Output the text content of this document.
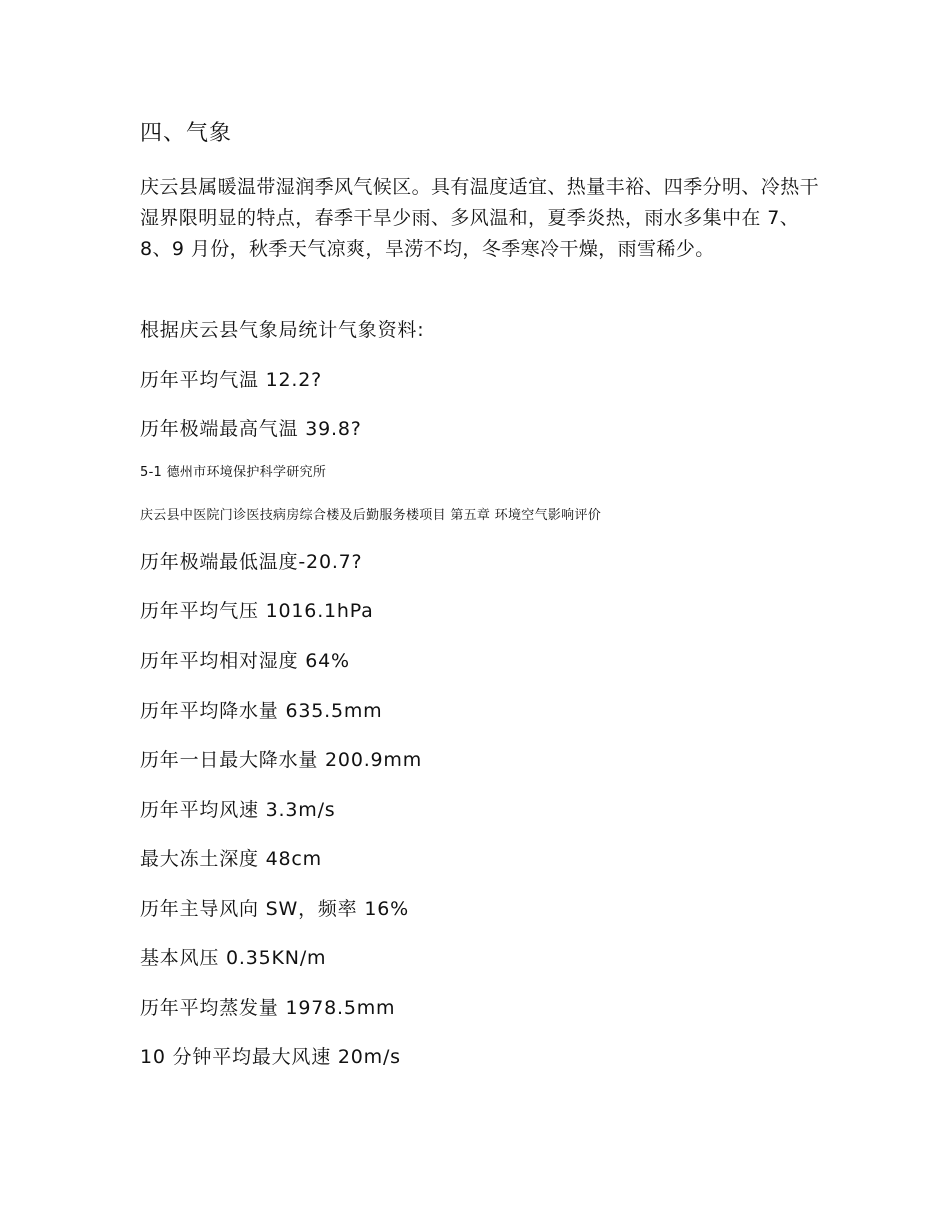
四、气象
庆云县属暖温带湿润季风气候区。具有温度适宜、热量丰裕、四季分明、冷热干湿界限明显的特点，春季干旱少雨、多风温和，夏季炎热，雨水多集中在 7、8、9 月份，秋季天气凉爽，旱涝不均，冬季寒冷干燥，雨雪稀少。
根据庆云县气象局统计气象资料:
历年平均气温 12.2?
历年极端最高气温 39.8?
5-1 德州市环境保护科学研究所
庆云县中医院门诊医技病房综合楼及后勤服务楼项目 第五章 环境空气影响评价
历年极端最低温度-20.7?
历年平均气压 1016.1hPa
历年平均相对湿度 64%
历年平均降水量 635.5mm
历年一日最大降水量 200.9mm
历年平均风速 3.3m/s
最大冻土深度 48cm
历年主导风向 SW，频率 16%
基本风压 0.35KN/m
历年平均蒸发量 1978.5mm
10 分钟平均最大风速 20m/s
